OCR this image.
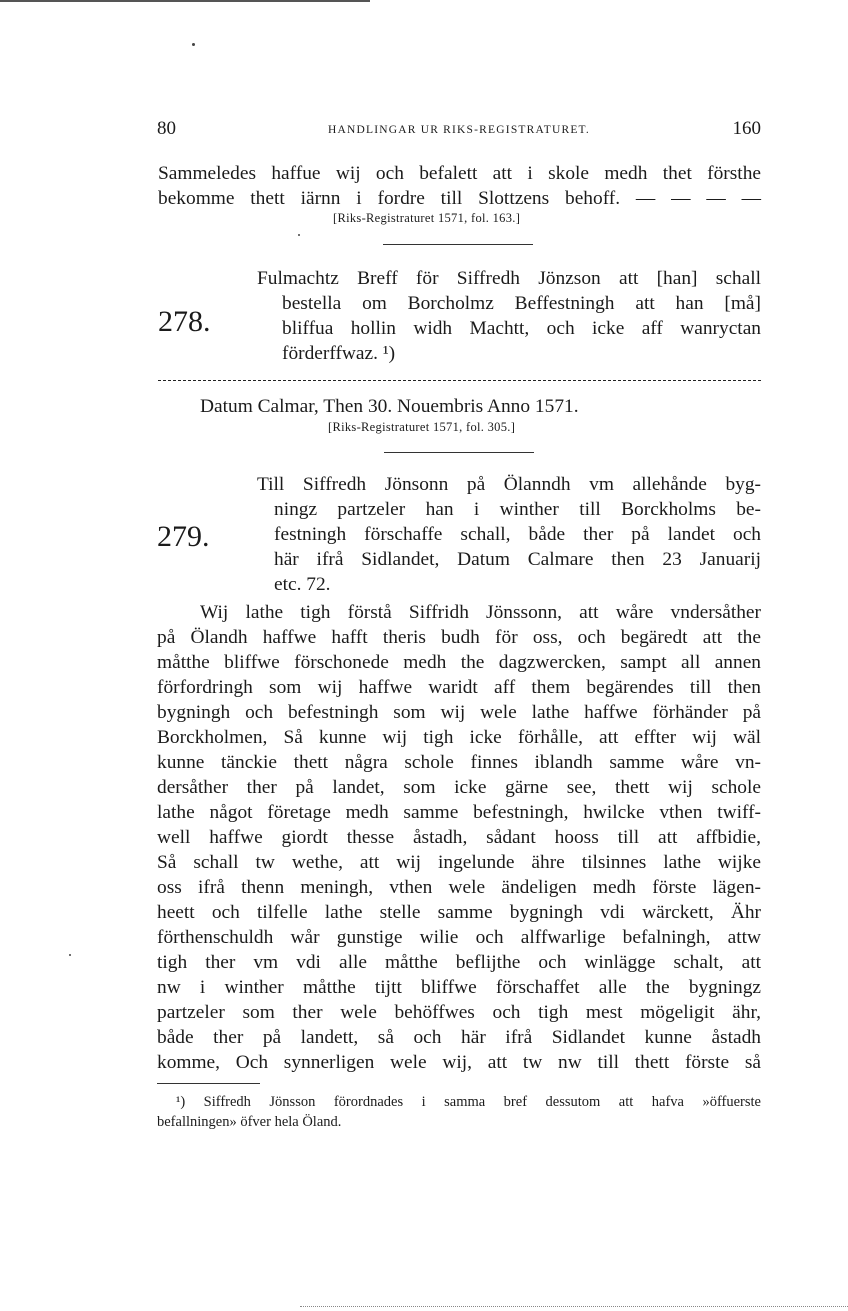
80	HANDLINGAR UR RIKS-REGISTRATURET.	160
Sammeledes haffue wij och befalett att i skole medh thet försthe
bekomme thett iärnn i fordre till Slottzens behoff. — — — —
[Riks-Registraturet 1571, fol. 163.]
278.
Fulmachtz Breff för Siffredh Jönzson att [han] schall
bestella om Borcholmz Beffestningh att han [må]
bliffua hollin widh Machtt, och icke aff wanryctan
förderffwaz. ¹)
Datum Calmar, Then 30. Nouembris Anno 1571.
[Riks-Registraturet 1571, fol. 305.]
279.
Till Siffredh Jönsonn på Ölanndh vm allehånde byg-
ningz partzeler han i winther till Borckholms be-
festningh förschaffe schall, både ther på landet och
här ifrå Sidlandet, Datum Calmare then 23 Januarij
etc. 72.
Wij lathe tigh förstå Siffridh Jönssonn, att wåre vndersåther
på Ölandh haffwe hafft theris budh för oss, och begäredt att the
måtthe bliffwe förschonede medh the dagzwercken, sampt all annen
förfordringh som wij haffwe waridt aff them begärendes till then
bygningh och befestningh som wij wele lathe haffwe förhänder på
Borckholmen, Så kunne wij tigh icke förhålle, att effter wij wäl
kunne tänckie thett några schole finnes iblandh samme wåre vn-
dersåther ther på landet, som icke gärne see, thett wij schole
lathe något företage medh samme befestningh, hwilcke vthen twiff-
well haffwe giordt thesse åstadh, sådant hooss till att affbidie,
Så schall tw wethe, att wij ingelunde ähre tilsinnes lathe wijke
oss ifrå thenn meningh, vthen wele ändeligen medh förste lägen-
heett och tilfelle lathe stelle samme bygningh vdi wärckett, Ähr
förthenschuldh wår gunstige wilie och alffwarlige befalningh, attw
tigh ther vm vdi alle måtthe beflijthe och winlägge schalt, att
nw i winther måtthe tijtt bliffwe förschaffet alle the bygningz
partzeler som ther wele behöffwes och tigh mest mögeligit ähr,
både ther på landett, så och här ifrå Sidlandet kunne åstadh
komme, Och synnerligen wele wij, att tw nw till thett förste så
¹) Siffredh Jönsson förordnades i samma bref dessutom att hafva »öffuerste
befallningen» öfver hela Öland.
